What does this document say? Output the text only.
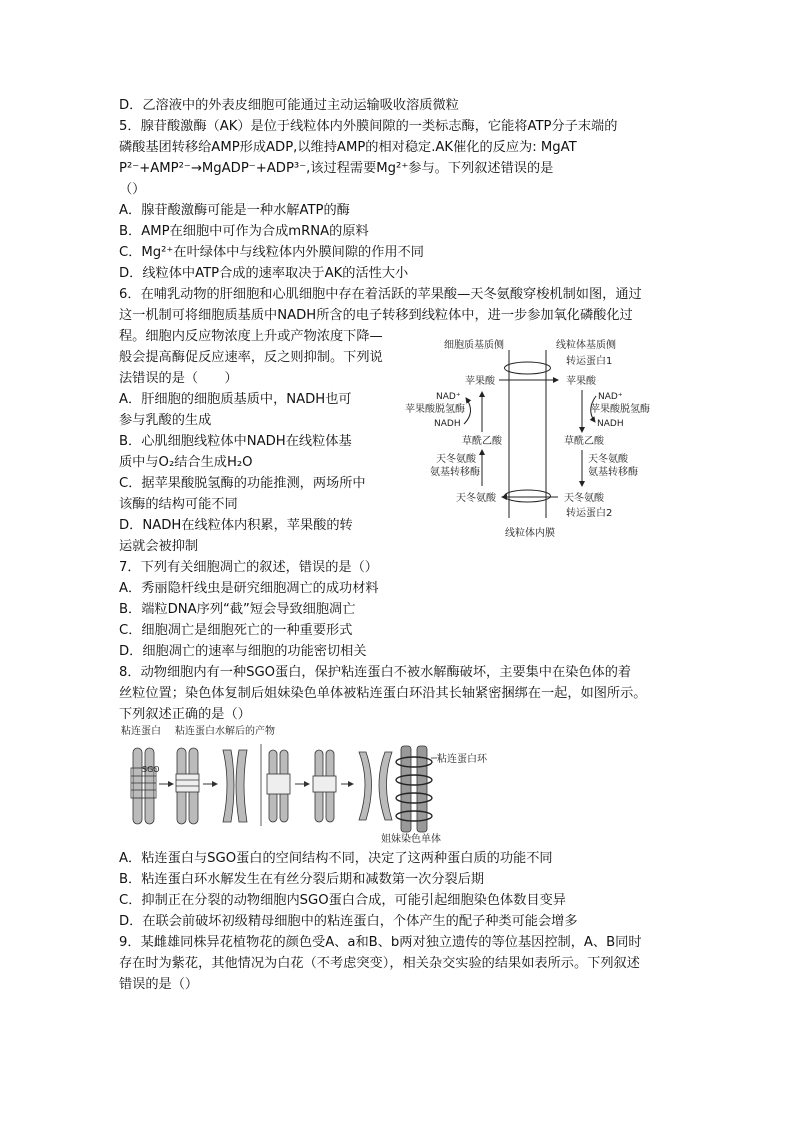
D．乙溶液中的外表皮细胞可能通过主动运输吸收溶质微粒
5．腺苷酸激酶（AK）是位于线粒体内外膜间隙的一类标志酶，它能将ATP分子末端的
磷酸基团转移给AMP形成ADP,以维持AMP的相对稳定.AK催化的反应为: MgAT
P²⁻+AMP²⁻→MgADP⁻+ADP³⁻,该过程需要Mg²⁺参与。下列叙述错误的是
（）
A．腺苷酸激酶可能是一种水解ATP的酶
B．AMP在细胞中可作为合成mRNA的原料
C．Mg²⁺在叶绿体中与线粒体内外膜间隙的作用不同
D．线粒体中ATP合成的速率取决于AK的活性大小
6．在哺乳动物的肝细胞和心肌细胞中存在着活跃的苹果酸—天冬氨酸穿梭机制如图，通过
这一机制可将细胞质基质中NADH所含的电子转移到线粒体中，进一步参加氧化磷酸化过
程。细胞内反应物浓度上升或产物浓度下降—
般会提高酶促反应速率，反之则抑制。下列说
法错误的是（　　）
A．肝细胞的细胞质基质中，NADH也可
参与乳酸的生成
B．心肌细胞线粒体中NADH在线粒体基
质中与O₂结合生成H₂O
C．据苹果酸脱氢酶的功能推测，两场所中
该酶的结构可能不同
D．NADH在线粒体内积累，苹果酸的转
运就会被抑制
7．下列有关细胞凋亡的叙述，错误的是（）
A．秀丽隐杆线虫是研究细胞凋亡的成功材料
B．端粒DNA序列“截”短会导致细胞凋亡
C．细胞凋亡是细胞死亡的一种重要形式
D．细胞凋亡的速率与细胞的功能密切相关
8．动物细胞内有一种SGO蛋白，保护粘连蛋白不被水解酶破坏，主要集中在染色体的着
丝粒位置；染色体复制后姐妹染色单体被粘连蛋白环沿其长轴紧密捆绑在一起，如图所示。
下列叙述正确的是（）
A．粘连蛋白与SGO蛋白的空间结构不同，决定了这两种蛋白质的功能不同
B．粘连蛋白环水解发生在有丝分裂后期和减数第一次分裂后期
C．抑制正在分裂的动物细胞内SGO蛋白合成，可能引起细胞染色体数目变异
D．在联会前破坏初级精母细胞中的粘连蛋白，个体产生的配子种类可能会增多
9．某雌雄同株异花植物花的颜色受A、a和B、b两对独立遗传的等位基因控制，A、B同时
存在时为紫花，其他情况为白花（不考虑突变），相关杂交实验的结果如表所示。下列叙述
错误的是（）
细胞质基质侧	线粒体基质侧
转运蛋白1
转运蛋白2
苹果酸	苹果酸
NAD⁺
苹果酸脱氢酶
NADH
NAD⁺
苹果酸脱氢酶
NADH
草酰乙酸	草酰乙酸
天冬氨酸
氨基转移酶
天冬氨酸
氨基转移酶
天冬氨酸	天冬氨酸
线粒体内膜
粘连蛋白 粘连蛋白水解后的产物
SGO
粘连蛋白环
姐妹染色单体
